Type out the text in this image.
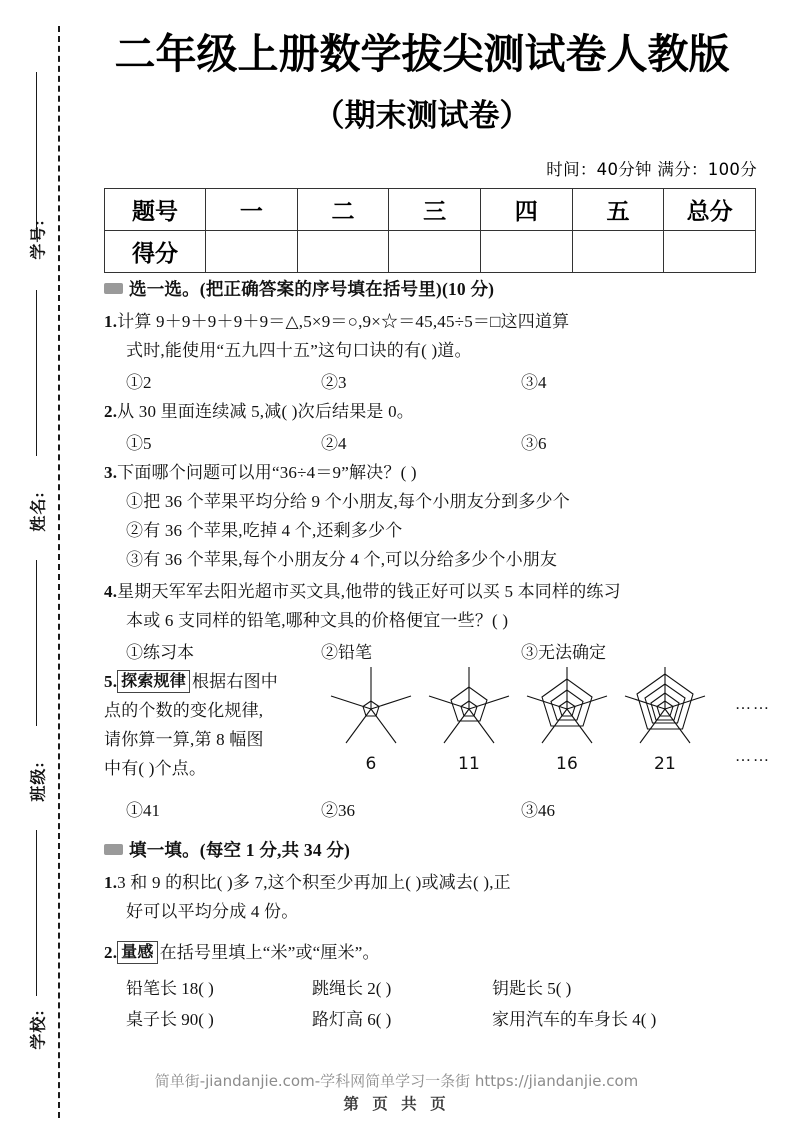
学号:
姓名:
班级:
学校:
二年级上册数学拔尖测试卷人教版
（期末测试卷）
时间：40分钟 满分：100分
题号	一	二	三	四	五	总分
得分						
选一选。(把正确答案的序号填在括号里)(10 分)
1.计算 9＋9＋9＋9＋9＝△,5×9＝○,9×☆＝45,45÷5＝□这四道算
式时,能使用“五九四十五”这句口诀的有( )道。
①2	②3	③4
2.从 30 里面连续减 5,减( )次后结果是 0。
①5	②4	③6
3.下面哪个问题可以用“36÷4＝9”解决？( )
①把 36 个苹果平均分给 9 个小朋友,每个小朋友分到多少个
②有 36 个苹果,吃掉 4 个,还剩多少个
③有 36 个苹果,每个小朋友分 4 个,可以分给多少个小朋友
4.星期天军军去阳光超市买文具,他带的钱正好可以买 5 本同样的练习
本或 6 支同样的铅笔,哪种文具的价格便宜一些？( )
①练习本	②铅笔	③无法确定
5. 探索规律 根据右图中
点的个数的变化规律,
请你算一算,第 8 幅图
中有( )个点。	6	11	16	21
……
……
①41	②36	③46
填一填。(每空 1 分,共 34 分)
1.3 和 9 的积比( )多 7,这个积至少再加上( )或减去( ),正
好可以平均分成 4 份。
2. 量感 在括号里填上“米”或“厘米”。
铅笔长 18( )	跳绳长 2( )	钥匙长 5( )
桌子长 90( )	路灯高 6( )	家用汽车的车身长 4( )
简单街-jiandanjie.com-学科网简单学习一条街 https://jiandanjie.com
第 页 共 页
